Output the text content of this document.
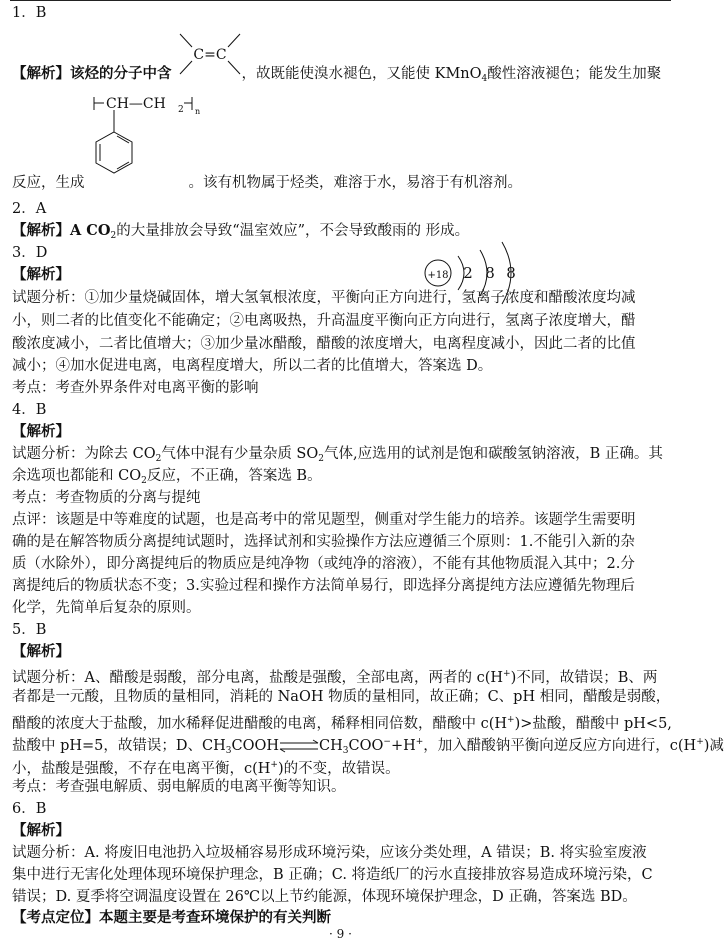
1．B
C=C
【解析】该烃的分子中含	，故既能使溴水褪色，又能使 KMnO$_4$酸性溶液褪色；能发生加聚
CH—CH 2 n
反应，生成	。该有机物属于烃类，难溶于水，易溶于有机溶剂。
2．A
【解析】A $CO_2$的大量排放会导致“温室效应”，不会导致酸雨的 形成。
3．D
【解析】	+18 2 8 8
试题分析：①加少量烧碱固体，增大氢氧根浓度，平衡向正方向进行，氢离子浓度和醋酸浓度均减
小，则二者的比值变化不能确定；②电离吸热，升高温度平衡向正方向进行，氢离子浓度增大，醋
酸浓度减小，二者比值增大；③加少量冰醋酸，醋酸的浓度增大，电离程度减小，因此二者的比值
减小；④加水促进电离，电离程度增大，所以二者的比值增大，答案选 D。
考点：考查外界条件对电离平衡的影响
4．B
【解析】
试题分析：为除去 $CO_2$气体中混有少量杂质 $SO_2$气体,应选用的试剂是饱和碳酸氢钠溶液，B 正确。其
余选项也都能和 $CO_2$反应，不正确，答案选 B。
考点：考查物质的分离与提纯
点评：该题是中等难度的试题，也是高考中的常见题型，侧重对学生能力的培养。该题学生需要明
确的是在解答物质分离提纯试题时，选择试剂和实验操作方法应遵循三个原则：1.不能引入新的杂
质（水除外），即分离提纯后的物质应是纯净物（或纯净的溶液），不能有其他物质混入其中；2.分
离提纯后的物质状态不变；3.实验过程和操作方法简单易行，即选择分离提纯方法应遵循先物理后
化学，先简单后复杂的原则。
5．B
【解析】
试题分析：A、醋酸是弱酸，部分电离，盐酸是强酸，全部电离，两者的 c(H+)不同，故错误；B、两
者都是一元酸，且物质的量相同，消耗的 NaOH 物质的量相同，故正确；C、pH 相同，醋酸是弱酸，
醋酸的浓度大于盐酸，加水稀释促进醋酸的电离，稀释相同倍数，醋酸中 c(H+)>盐酸，醋酸中 pH<5,
盐酸中 pH=5，故错误；D、$CH_3COOH\rightleftharpoons CH_3COO^-+H^+$，加入醋酸钠平衡向逆反应方向进行，c(H+)减
小，盐酸是强酸，不存在电离平衡，c(H+)的不变，故错误。
考点：考查强电解质、弱电解质的电离平衡等知识。
6．B
【解析】
试题分析：A. 将废旧电池扔入垃圾桶容易形成环境污染，应该分类处理，A 错误；B. 将实验室废液
集中进行无害化处理体现环境保护理念，B 正确；C. 将造纸厂的污水直接排放容易造成环境污染，C
错误；D. 夏季将空调温度设置在 26℃以上节约能源，体现环境保护理念，D 正确，答案选 BD。
【考点定位】本题主要是考查环境保护的有关判断
· 9 ·
